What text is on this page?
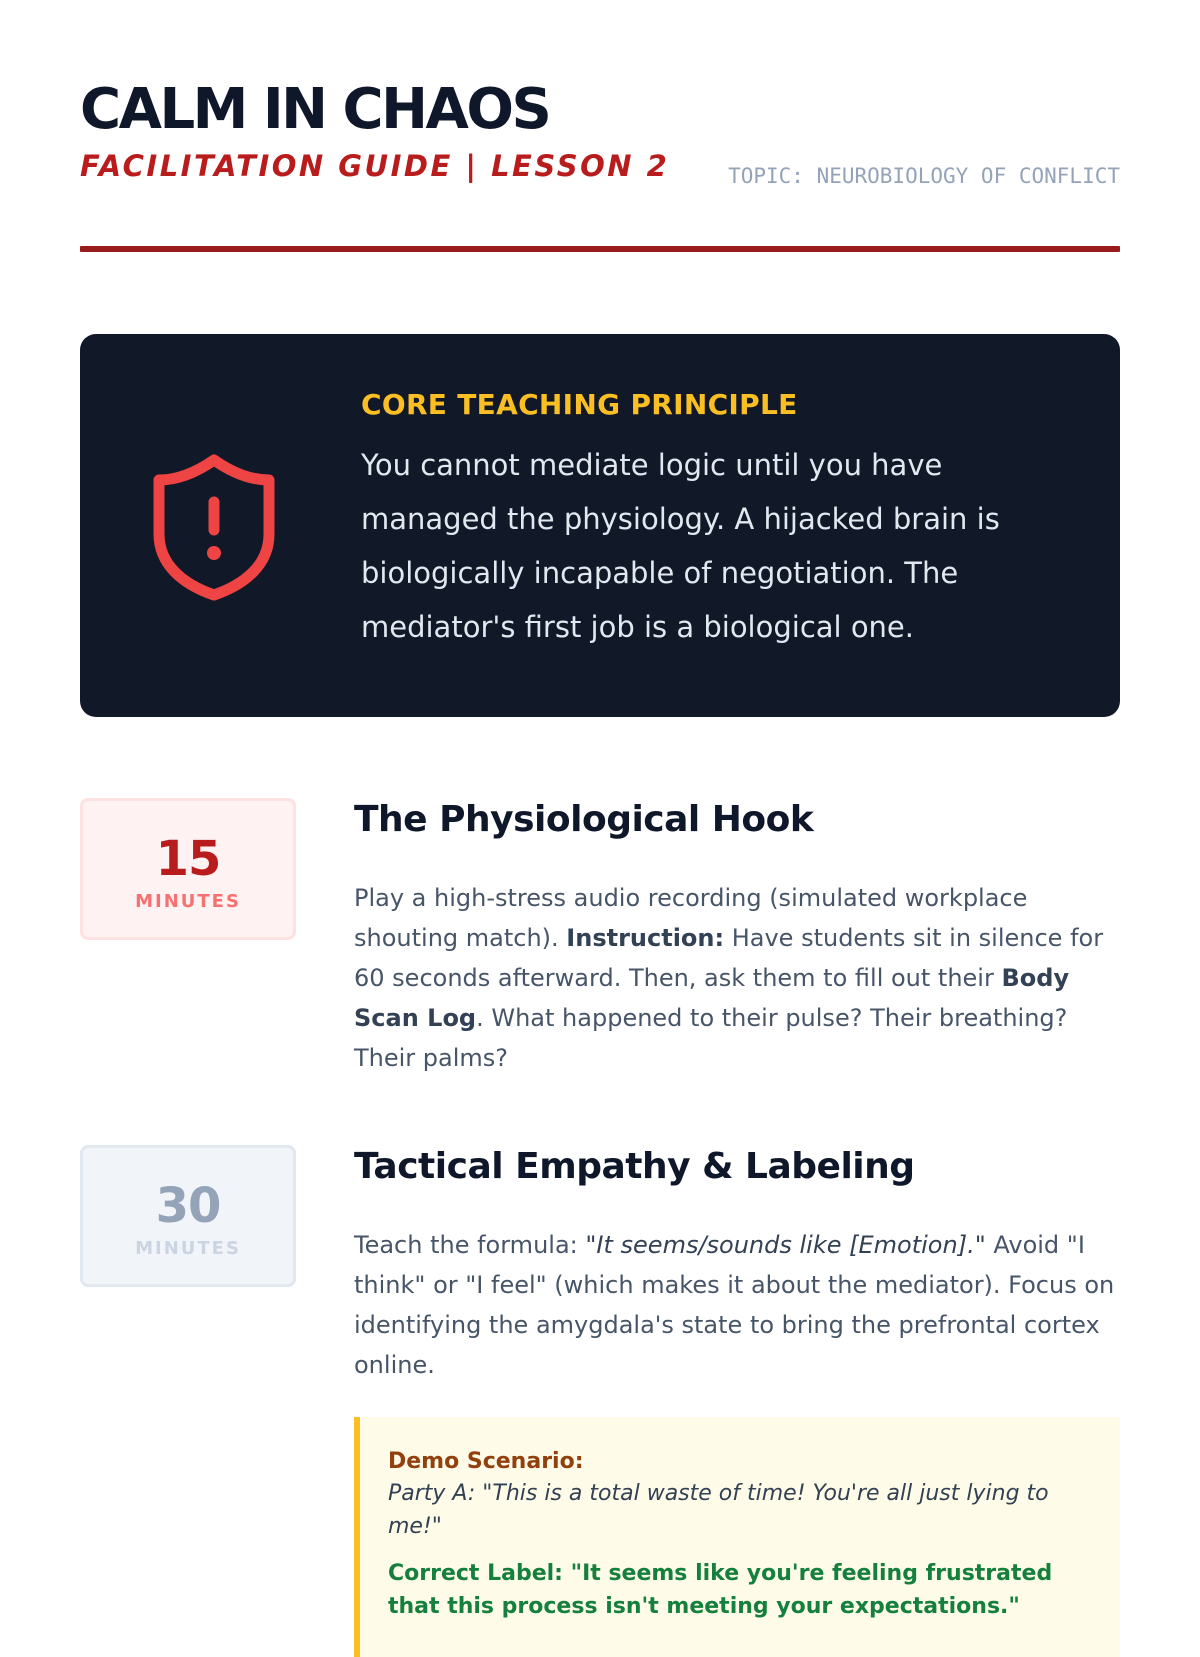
CALM IN CHAOS
FACILITATION GUIDE | LESSON 2	TOPIC: NEUROBIOLOGY OF CONFLICT
CORE TEACHING PRINCIPLE
You cannot mediate logic until you have managed the physiology. A hijacked brain is biologically incapable of negotiation. The mediator's first job is a biological one.
15
MINUTES
The Physiological Hook
Play a high-stress audio recording (simulated workplace shouting match). Instruction: Have students sit in silence for 60 seconds afterward. Then, ask them to fill out their Body Scan Log. What happened to their pulse? Their breathing? Their palms?
30
MINUTES
Tactical Empathy & Labeling
Teach the formula: "It seems/sounds like [Emotion]." Avoid "I think" or "I feel" (which makes it about the mediator). Focus on identifying the amygdala's state to bring the prefrontal cortex online.
Demo Scenario:
Party A: "This is a total waste of time! You're all just lying to me!"
Correct Label: "It seems like you're feeling frustrated that this process isn't meeting your expectations."
